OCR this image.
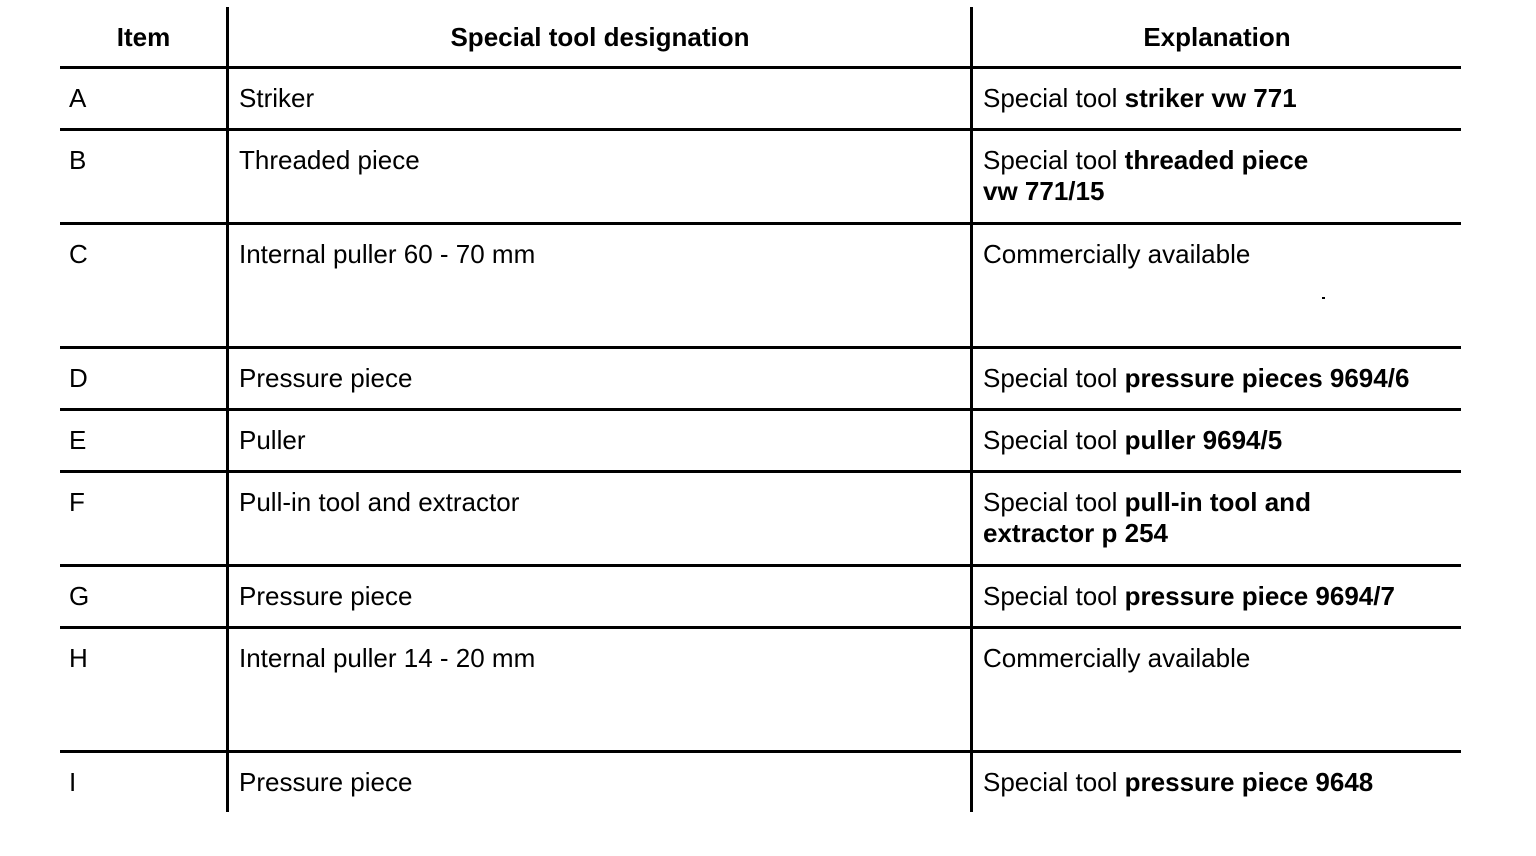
Item	Special tool designation	Explanation
A	Striker	Special tool striker vw 771
B	Threaded piece	Special tool threaded piece vw 771/15
C	Internal puller 60 - 70 mm	Commercially available
D	Pressure piece	Special tool pressure pieces 9694/6
E	Puller	Special tool puller 9694/5
F	Pull-in tool and extractor	Special tool pull-in tool and extractor p 254
G	Pressure piece	Special tool pressure piece 9694/7
H	Internal puller 14 - 20 mm	Commercially available
I	Pressure piece	Special tool pressure piece 9648
